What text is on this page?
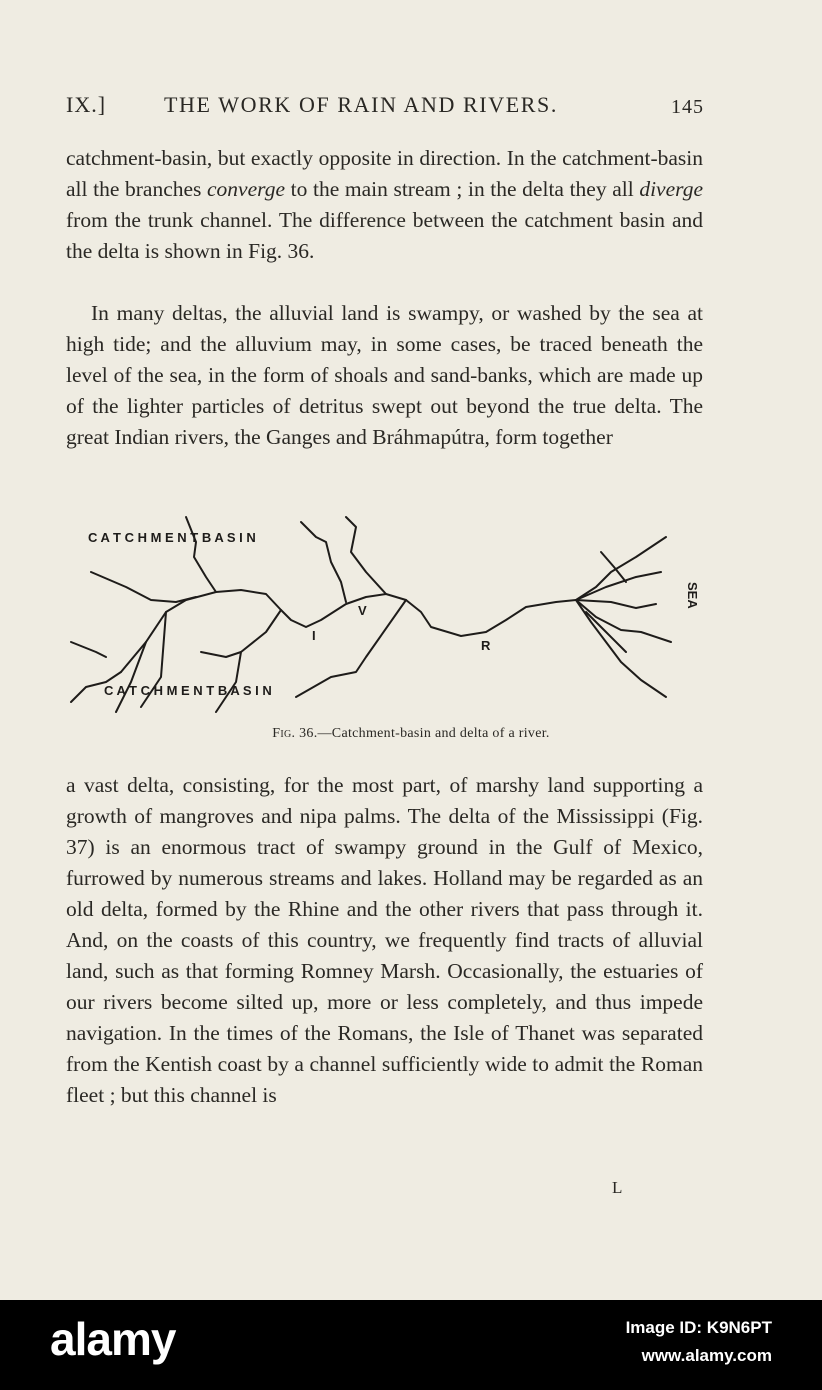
IX.]	THE WORK OF RAIN AND RIVERS.	145

catchment-basin, but exactly opposite in direction. In the catchment-basin all the branches converge to the main stream ; in the delta they all diverge from the trunk channel. The difference between the catchment basin and the delta is shown in Fig. 36.

In many deltas, the alluvial land is swampy, or washed by the sea at high tide; and the alluvium may, in some cases, be traced beneath the level of the sea, in the form of shoals and sand-banks, which are made up of the lighter particles of detritus swept out beyond the true delta. The great Indian rivers, the Ganges and Bráhmapútra, form together

C A T C H M E N T B A S I N
C A T C H M E N T B A S I N
SEA
V
I
R
Fig. 36.—Catchment-basin and delta of a river.

a vast delta, consisting, for the most part, of marshy land supporting a growth of mangroves and nipa palms. The delta of the Mississippi (Fig. 37) is an enormous tract of swampy ground in the Gulf of Mexico, furrowed by numerous streams and lakes. Holland may be regarded as an old delta, formed by the Rhine and the other rivers that pass through it. And, on the coasts of this country, we frequently find tracts of alluvial land, such as that forming Romney Marsh. Occasionally, the estuaries of our rivers become silted up, more or less completely, and thus impede navigation. In the times of the Romans, the Isle of Thanet was separated from the Kentish coast by a channel sufficiently wide to admit the Roman fleet ; but this channel is

L
alamy	Image ID: K9N6PT
www.alamy.com
